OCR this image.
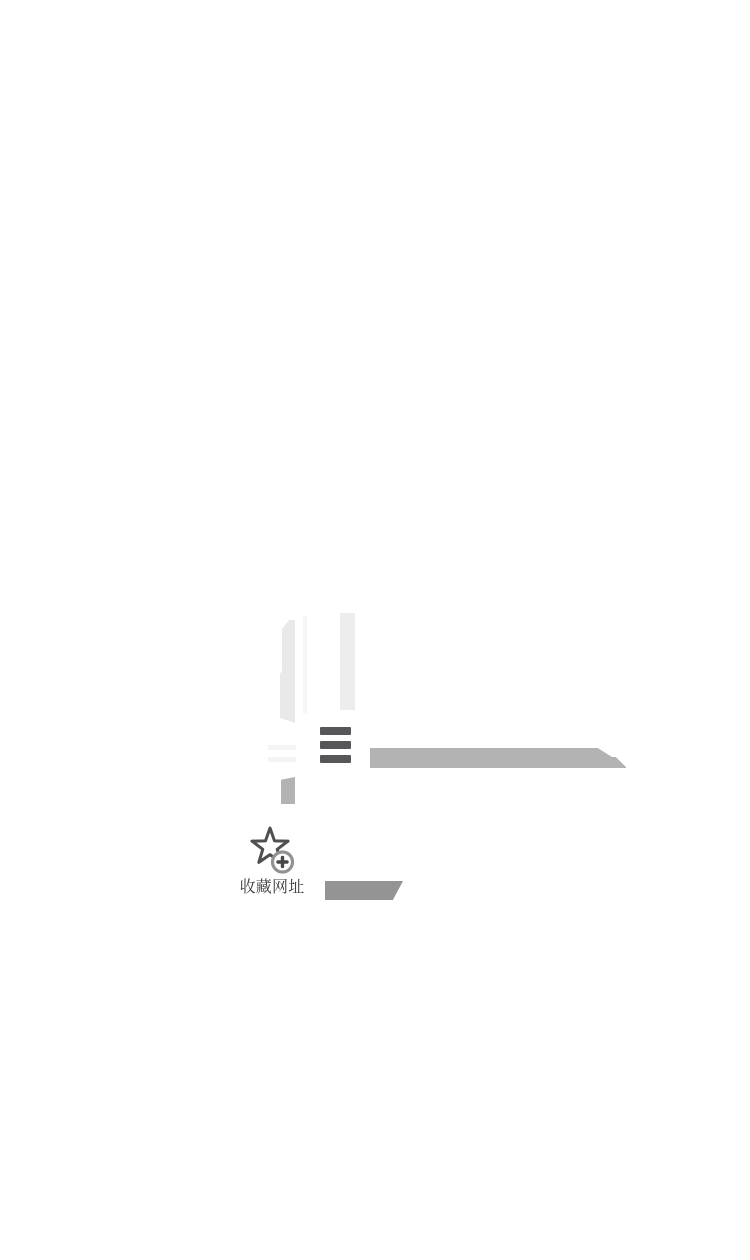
收藏网址
